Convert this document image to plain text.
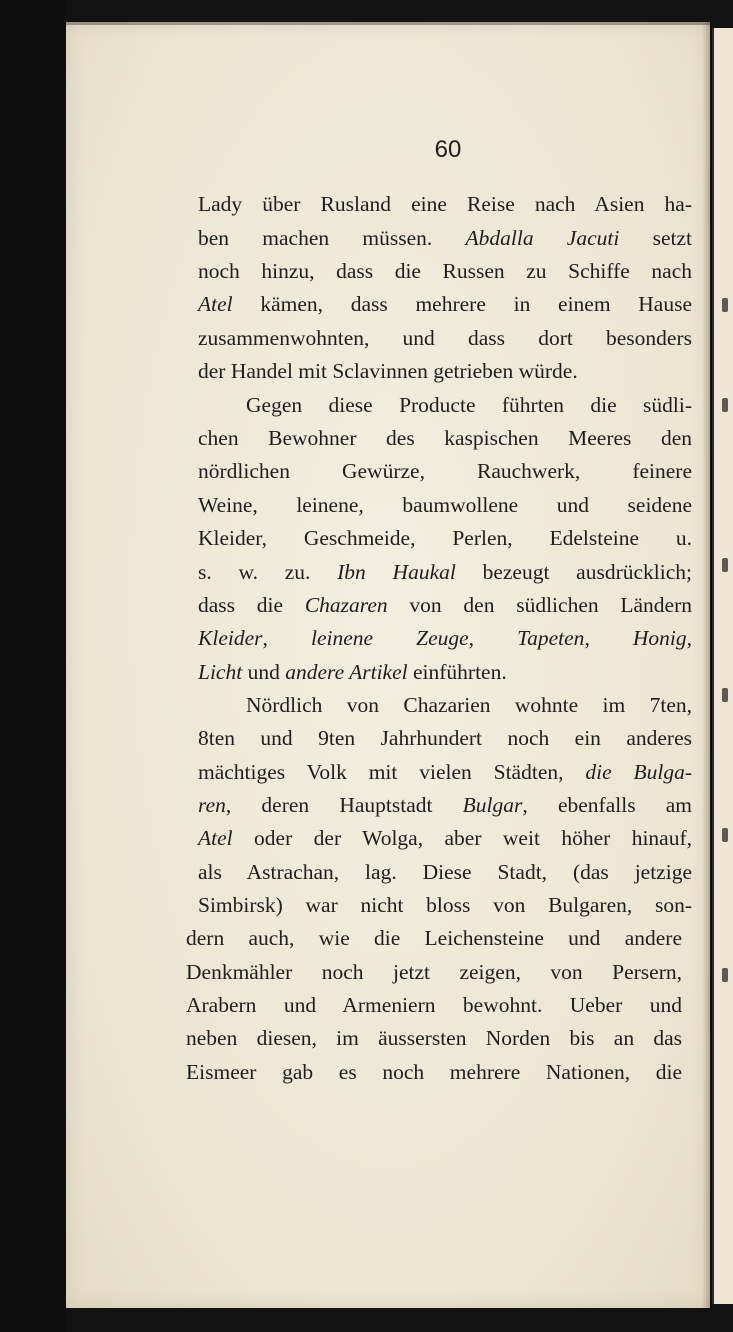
60
Lady über Rusland eine Reise nach Asien ha-
ben machen müssen. Abdalla Jacuti setzt
noch hinzu, dass die Russen zu Schiffe nach
Atel kämen, dass mehrere in einem Hause
zusammenwohnten, und dass dort besonders
der Handel mit Sclavinnen getrieben würde.
Gegen diese Producte führten die südli-
chen Bewohner des kaspischen Meeres den
nördlichen Gewürze, Rauchwerk, feinere
Weine, leinene, baumwollene und seidene
Kleider, Geschmeide, Perlen, Edelsteine u.
s. w. zu. Ibn Haukal bezeugt ausdrücklich;
dass die Chazaren von den südlichen Ländern
Kleider, leinene Zeuge, Tapeten, Honig,
Licht und andere Artikel einführten.
Nördlich von Chazarien wohnte im 7ten,
8ten und 9ten Jahrhundert noch ein anderes
mächtiges Volk mit vielen Städten, die Bulga-
ren, deren Hauptstadt Bulgar, ebenfalls am
Atel oder der Wolga, aber weit höher hinauf,
als Astrachan, lag. Diese Stadt, (das jetzige
Simbirsk) war nicht bloss von Bulgaren, son-
dern auch, wie die Leichensteine und andere
Denkmähler noch jetzt zeigen, von Persern,
Arabern und Armeniern bewohnt. Ueber und
neben diesen, im äussersten Norden bis an das
Eismeer gab es noch mehrere Nationen, die
